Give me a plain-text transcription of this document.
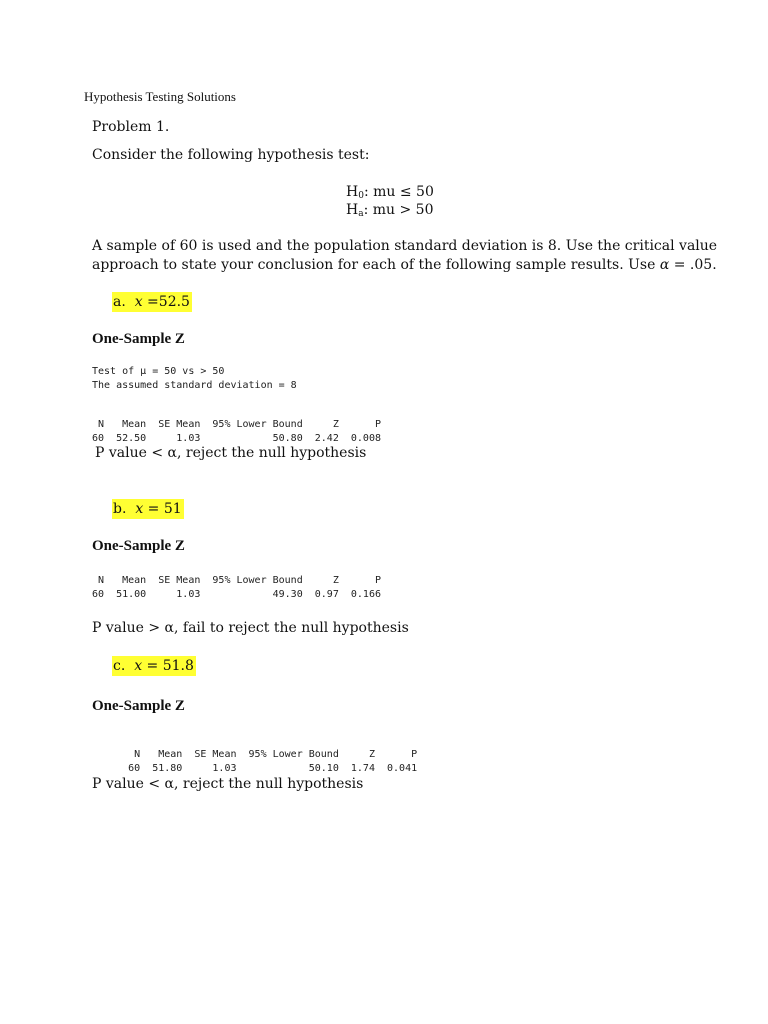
Hypothesis Testing Solutions
Problem 1.
Consider the following hypothesis test:
$H_0$: mu ≤ 50
$H_a$: mu > 50
A sample of 60 is used and the population standard deviation is 8. Use the critical value
approach to state your conclusion for each of the following sample results. Use α = .05.
a. x =52.5
One-Sample Z
Test of μ = 50 vs > 50
The assumed standard deviation = 8
N   Mean  SE Mean  95% Lower Bound     Z      P
60  52.50     1.03            50.80  2.42  0.008
P value < α, reject the null hypothesis
b. x = 51
One-Sample Z
N   Mean  SE Mean  95% Lower Bound     Z      P
60  51.00     1.03            49.30  0.97  0.166
P value > α, fail to reject the null hypothesis
c. x = 51.8
One-Sample Z
N   Mean  SE Mean  95% Lower Bound     Z      P
60  51.80     1.03            50.10  1.74  0.041
P value < α, reject the null hypothesis
